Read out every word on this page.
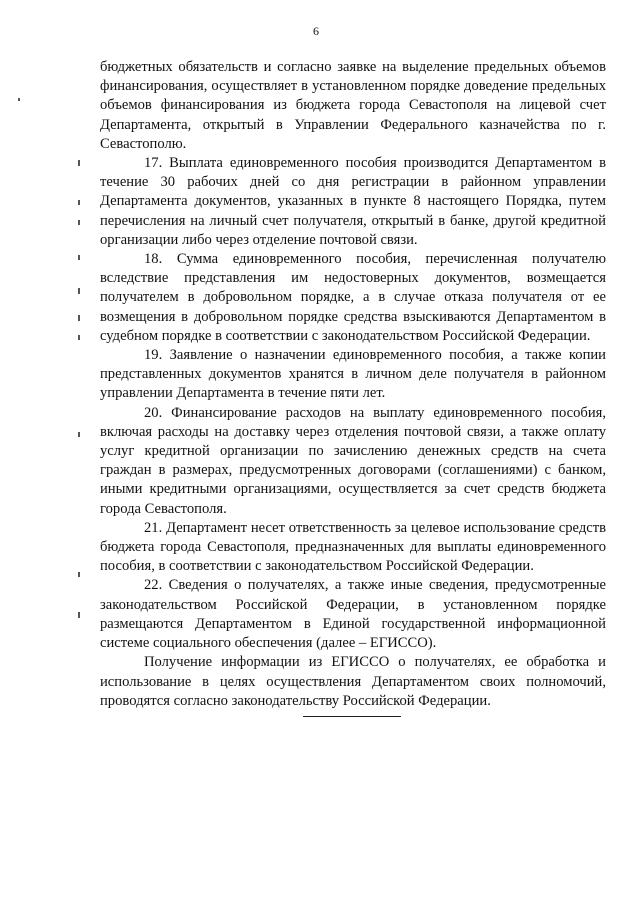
6

бюджетных обязательств и согласно заявке на выделение предельных объемов финансирования, осуществляет в установленном порядке доведение предельных объемов финансирования из бюджета города Севастополя на лицевой счет Департамента, открытый в Управлении Федерального казначейства по г. Севастополю.

17. Выплата единовременного пособия производится Департаментом в течение 30 рабочих дней со дня регистрации в районном управлении Департамента документов, указанных в пункте 8 настоящего Порядка, путем перечисления на личный счет получателя, открытый в банке, другой кредитной организации либо через отделение почтовой связи.

18. Сумма единовременного пособия, перечисленная получателю вследствие представления им недостоверных документов, возмещается получателем в добровольном порядке, а в случае отказа получателя от ее возмещения в добровольном порядке средства взыскиваются Департаментом в судебном порядке в соответствии с законодательством Российской Федерации.

19. Заявление о назначении единовременного пособия, а также копии представленных документов хранятся в личном деле получателя в районном управлении Департамента в течение пяти лет.

20. Финансирование расходов на выплату единовременного пособия, включая расходы на доставку через отделения почтовой связи, а также оплату услуг кредитной организации по зачислению денежных средств на счета граждан в размерах, предусмотренных договорами (соглашениями) с банком, иными кредитными организациями, осуществляется за счет средств бюджета города Севастополя.

21. Департамент несет ответственность за целевое использование средств бюджета города Севастополя, предназначенных для выплаты единовременного пособия, в соответствии с законодательством Российской Федерации.

22. Сведения о получателях, а также иные сведения, предусмотренные законодательством Российской Федерации, в установленном порядке размещаются Департаментом в Единой государственной информационной системе социального обеспечения (далее – ЕГИССО).

Получение информации из ЕГИССО о получателях, ее обработка и использование в целях осуществления Департаментом своих полномочий, проводятся согласно законодательству Российской Федерации.
